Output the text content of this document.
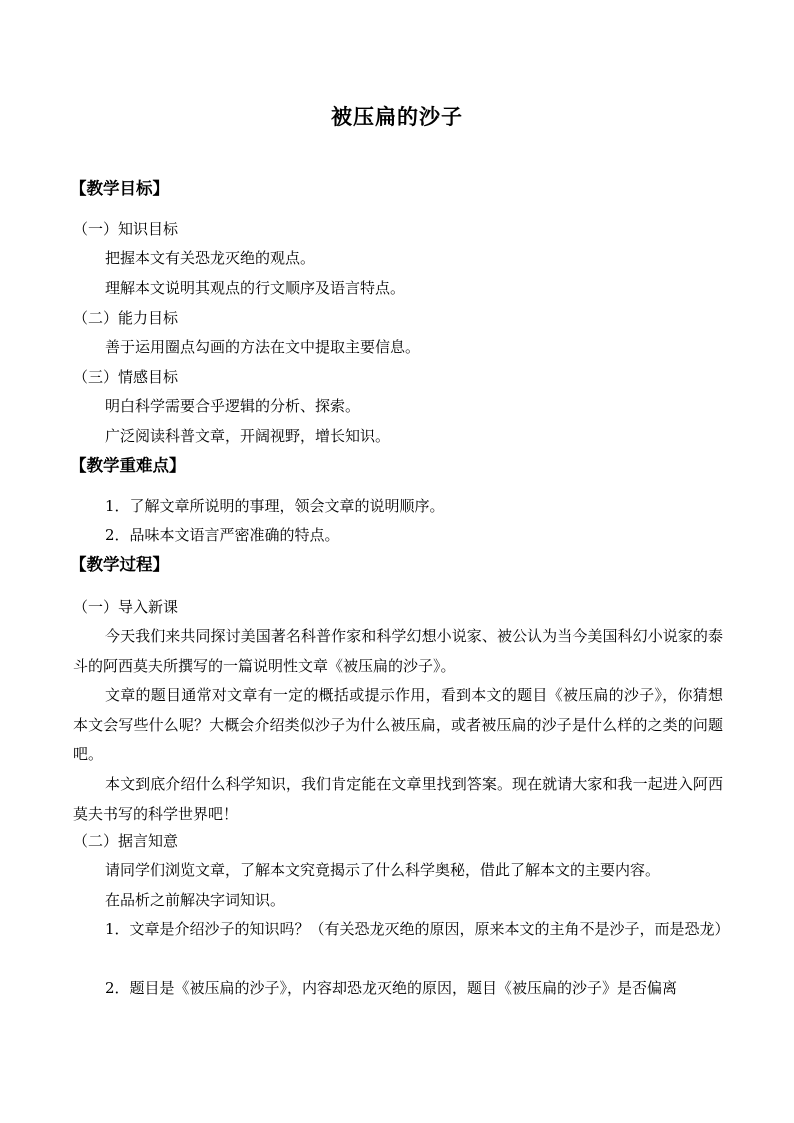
被压扁的沙子
【教学目标】
（一）知识目标
把握本文有关恐龙灭绝的观点。
理解本文说明其观点的行文顺序及语言特点。
（二）能力目标
善于运用圈点勾画的方法在文中提取主要信息。
（三）情感目标
明白科学需要合乎逻辑的分析、探索。
广泛阅读科普文章，开阔视野，增长知识。
【教学重难点】
1．了解文章所说明的事理，领会文章的说明顺序。
2．品味本文语言严密准确的特点。
【教学过程】
（一）导入新课
今天我们来共同探讨美国著名科普作家和科学幻想小说家、被公认为当今美国科幻小说家的泰斗的阿西莫夫所撰写的一篇说明性文章《被压扁的沙子》。
文章的题目通常对文章有一定的概括或提示作用，看到本文的题目《被压扁的沙子》，你猜想本文会写些什么呢？大概会介绍类似沙子为什么被压扁，或者被压扁的沙子是什么样的之类的问题吧。
本文到底介绍什么科学知识，我们肯定能在文章里找到答案。现在就请大家和我一起进入阿西莫夫书写的科学世界吧！
（二）据言知意
请同学们浏览文章，了解本文究竟揭示了什么科学奥秘，借此了解本文的主要内容。
在品析之前解决字词知识。
1．文章是介绍沙子的知识吗？（有关恐龙灭绝的原因，原来本文的主角不是沙子，而是恐龙）
2．题目是《被压扁的沙子》，内容却恐龙灭绝的原因，题目《被压扁的沙子》是否偏离
